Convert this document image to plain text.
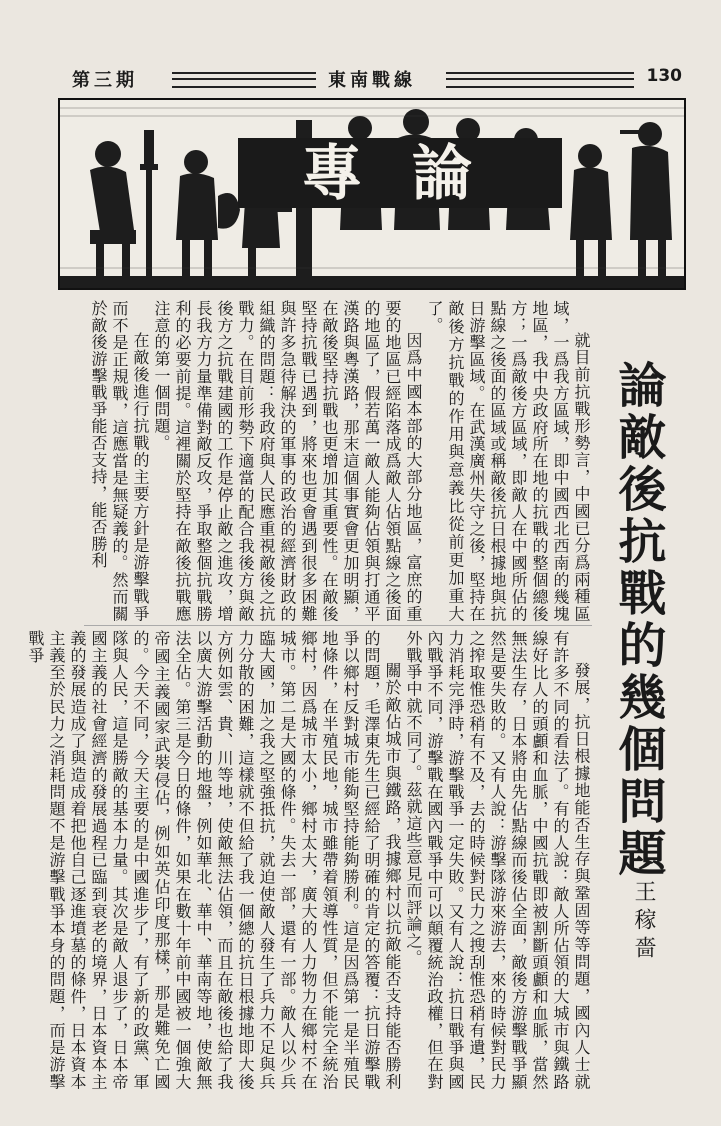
第三期	東南戰線	130
專論
論敵後抗戰的幾個問題
王稼嗇

就目前抗戰形勢言，中國已分爲兩種區域，一爲我方區域，即中國西北西南的幾塊地區，我中央政府所在地的抗戰的整個總後方；一爲敵後方區域，即敵人在中國所佔的點線之後面的區域或稱敵後抗日根據地與抗日游擊區域。在武漢廣州失守之後，堅持在敵後方抗戰的作用與意義比從前更加重大了。

因爲中國本部的大部分地區，富庶的重要的地區已經陷落成爲敵人佔領點線之後面的地區了，假若萬一敵人能夠佔領與打通平漢路與粵漢路，那末這個事實會更加明顯，在敵後堅持抗戰也更增加其重要性。在敵後堅持抗戰已遇到，將來也更會遇到很多困難與許多急待解決的軍事的政治的經濟財政的組織的問題：我政府與人民應重視敵後之抗戰力。在目前形勢下適當的配合我後方與敵後方之抗戰建國的工作是停止敵之進攻，增長我方力量準備對敵反攻，爭取整個抗戰勝利的必要前提。這裡關於堅持在敵後抗戰應注意的第一個問題。

在敵後進行抗戰的主要方針是游擊戰爭而不是正規戰，這應當是無疑義的。然而關於敵後游擊戰爭能否支持，能否勝利

發展，抗日根據地能否生存與鞏固等等問題，國內人士就有許多不同的看法了。有的人說：敵人所佔領的大城市與鐵路線好比人的頭顱和血脈，中國抗戰即被割斷頭顱和血脈，當然無法生存，日本將由先佔點線而後佔全面，敵後方游擊戰爭顯然是要失敗的。又有人說：游擊隊游來游去，來的時候對民力之搾取惟恐稍有不及，去的時候對民力之搜刮惟恐稍有遺，民力消耗完淨時，游擊戰爭一定失敗。又有人說：抗日戰爭與國內戰爭不同，游擊戰在國內戰爭中可以顛覆統治政權，但在對外戰爭中就不同了。茲就這些意見而評論之。

關於敵佔城市與鐵路，我據鄉村以抗敵能否支持能否勝利的問題，毛澤東先生已經給了明確的肯定的答覆：抗日游擊戰爭以鄉村反對城市能夠堅持能夠勝利。這是因爲第一是半殖民地條件，在半殖民地，城市雖帶着領導性質，但不能完全統治鄉村，因爲城市太小，鄉村太大，廣大的人力物力在鄉村不在城市。第二是大國的條件。失去一部，還有一部。敵人以少兵臨大國，加之我之堅強抵抗，就迫使敵人發生了兵力不足與兵力分散的困難，這樣就不但給了我一個總的抗日根據地即大後方例如雲、貴、川等地，使敵無法佔領，而且在敵後也給了我以廣大游擊活動的地盤，例如華北、華中、華南等地，使敵無法全佔。第三是今日的條件，如果在數十年前中國被一個強大帝國主義國家武裝侵佔，例如英佔印度那樣，那是難免亡國的。今天不同，今天主要的是中國進步了，有了新的政黨、軍隊與人民，這是勝敵的基本力量。其次是敵人退步了，日本帝國主義的社會經濟的發展過程已臨到衰老的境界，日本資本主義的發展造成了與造成着把他自己逐進墳墓的條件，日本資本主義至於民力之消耗問題不是游擊戰爭本身的問題，而是游擊戰爭
